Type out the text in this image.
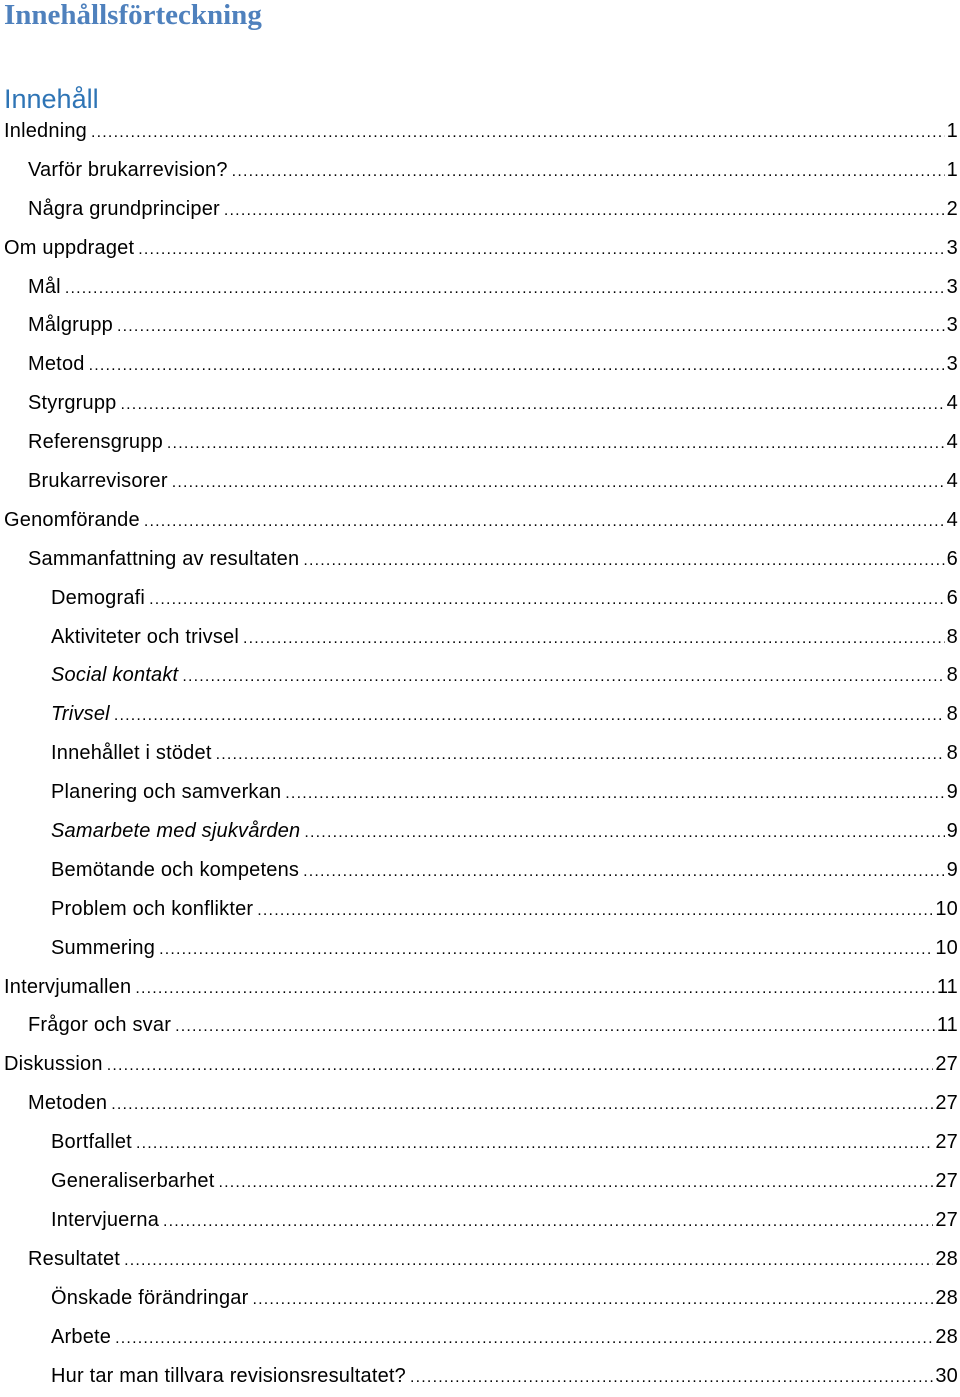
Innehållsförteckning
Innehåll
Inledning .....	1
Varför brukarrevision? .....	1
Några grundprinciper .....	2
Om uppdraget .....	3
Mål .....	3
Målgrupp .....	3
Metod .....	3
Styrgrupp .....	4
Referensgrupp .....	4
Brukarrevisorer .....	4
Genomförande .....	4
Sammanfattning av resultaten .....	6
Demografi .....	6
Aktiviteter och trivsel .....	8
Social kontakt .....	8
Trivsel .....	8
Innehållet i stödet .....	8
Planering och samverkan .....	9
Samarbete med sjukvården .....	9
Bemötande och kompetens .....	9
Problem och konflikter .....	10
Summering .....	10
Intervjumallen .....	11
Frågor och svar .....	11
Diskussion .....	27
Metoden .....	27
Bortfallet .....	27
Generaliserbarhet .....	27
Intervjuerna .....	27
Resultatet .....	28
Önskade förändringar .....	28
Arbete .....	28
Hur tar man tillvara revisionsresultatet? .....	30
